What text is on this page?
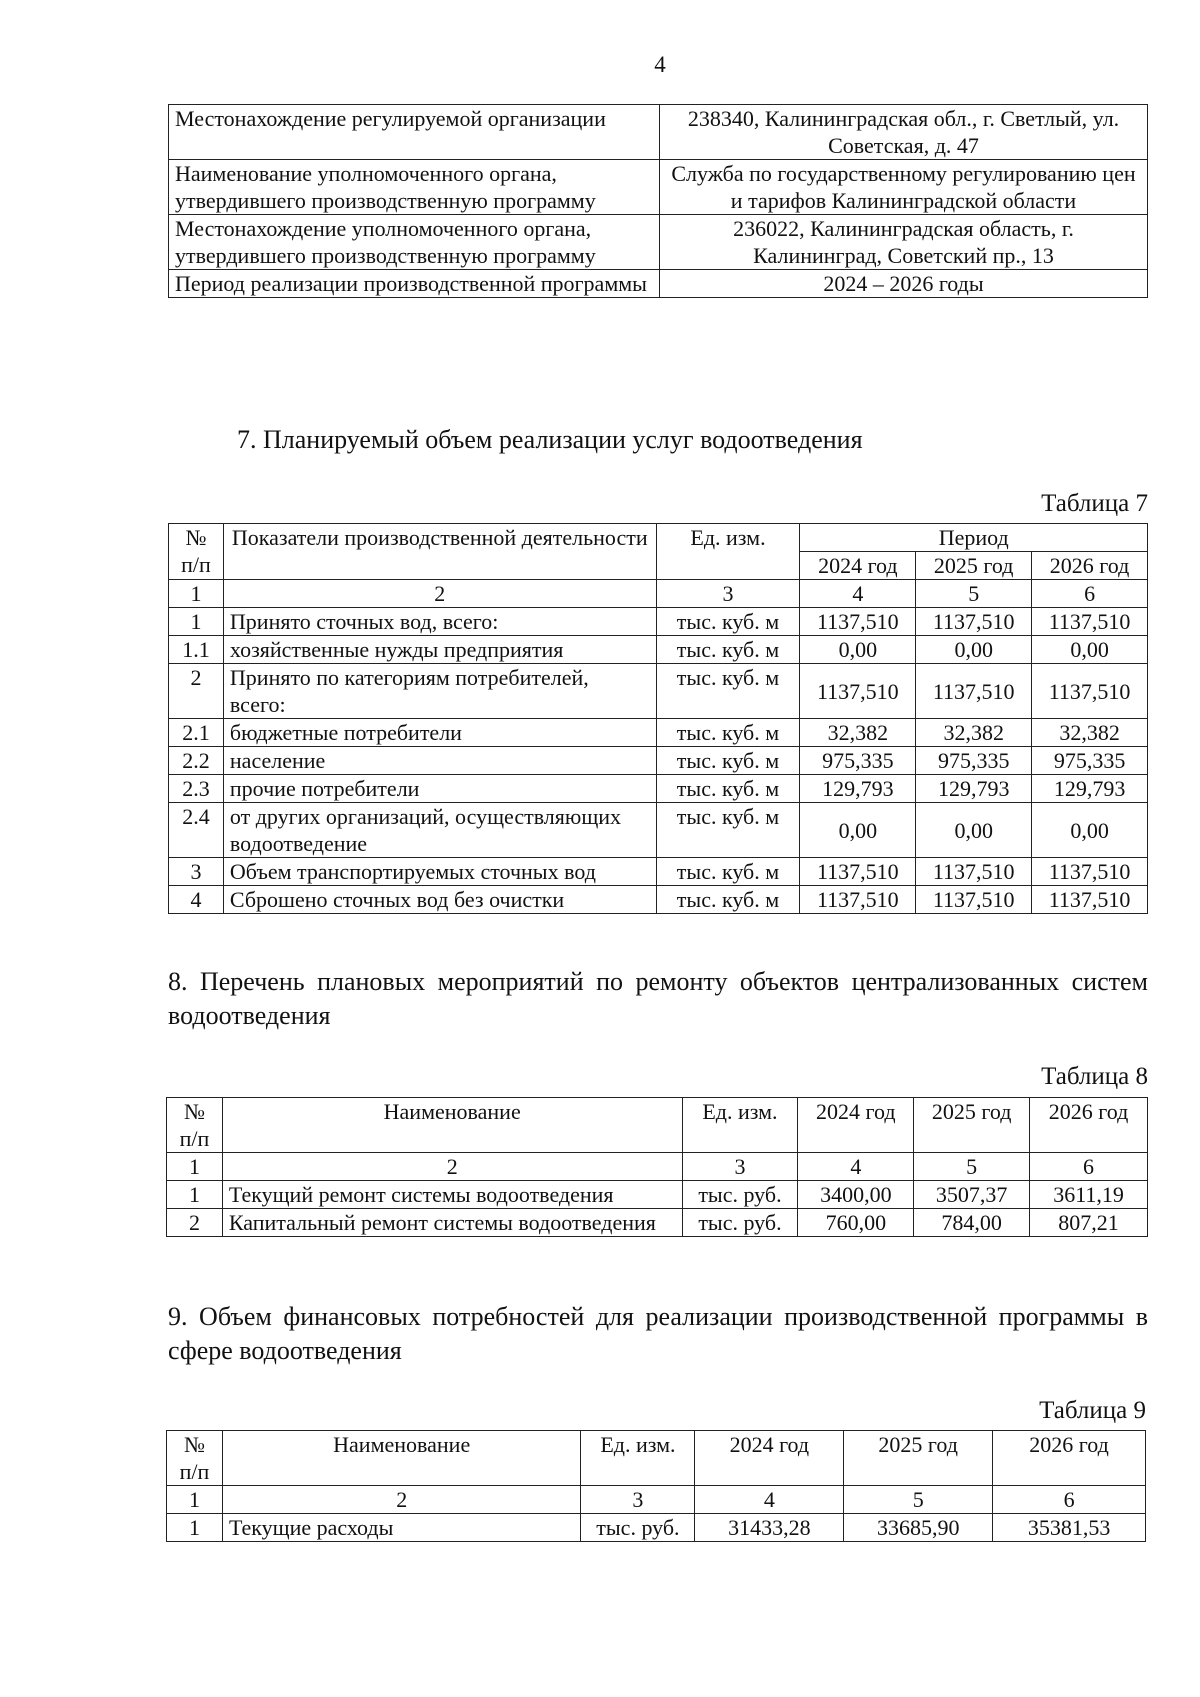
4
Местонахождение регулируемой организации	238340, Калининградская обл., г. Светлый, ул. Советская, д. 47
Наименование уполномоченного органа, утвердившего производственную программу	Служба по государственному регулированию цен и тарифов Калининградской области
Местонахождение уполномоченного органа, утвердившего производственную программу	236022, Калининградская область, г. Калининград, Советский пр., 13
Период реализации производственной программы	2024 – 2026 годы
7. Планируемый объем реализации услуг водоотведения
Таблица 7
№ п/п	Показатели производственной деятельности	Ед. изм.	Период		
			2024 год	2025 год	2026 год
1	2	3	4	5	6
1	Принято сточных вод, всего:	тыс. куб. м	1137,510	1137,510	1137,510
1.1	хозяйственные нужды предприятия	тыс. куб. м	0,00	0,00	0,00
2	Принято по категориям потребителей, всего:	тыс. куб. м	1137,510	1137,510	1137,510
2.1	бюджетные потребители	тыс. куб. м	32,382	32,382	32,382
2.2	население	тыс. куб. м	975,335	975,335	975,335
2.3	прочие потребители	тыс. куб. м	129,793	129,793	129,793
2.4	от других организаций, осуществляющих водоотведение	тыс. куб. м	0,00	0,00	0,00
3	Объем транспортируемых сточных вод	тыс. куб. м	1137,510	1137,510	1137,510
4	Сброшено сточных вод без очистки	тыс. куб. м	1137,510	1137,510	1137,510
8. Перечень плановых мероприятий по ремонту объектов централизованных систем водоотведения
Таблица 8
№ п/п	Наименование	Ед. изм.	2024 год	2025 год	2026 год
1	2	3	4	5	6
1	Текущий ремонт системы водоотведения	тыс. руб.	3400,00	3507,37	3611,19
2	Капитальный ремонт системы водоотведения	тыс. руб.	760,00	784,00	807,21
9. Объем финансовых потребностей для реализации производственной программы в сфере водоотведения
Таблица 9
№ п/п	Наименование	Ед. изм.	2024 год	2025 год	2026 год
1	2	3	4	5	6
1	Текущие расходы	тыс. руб.	31433,28	33685,90	35381,53
